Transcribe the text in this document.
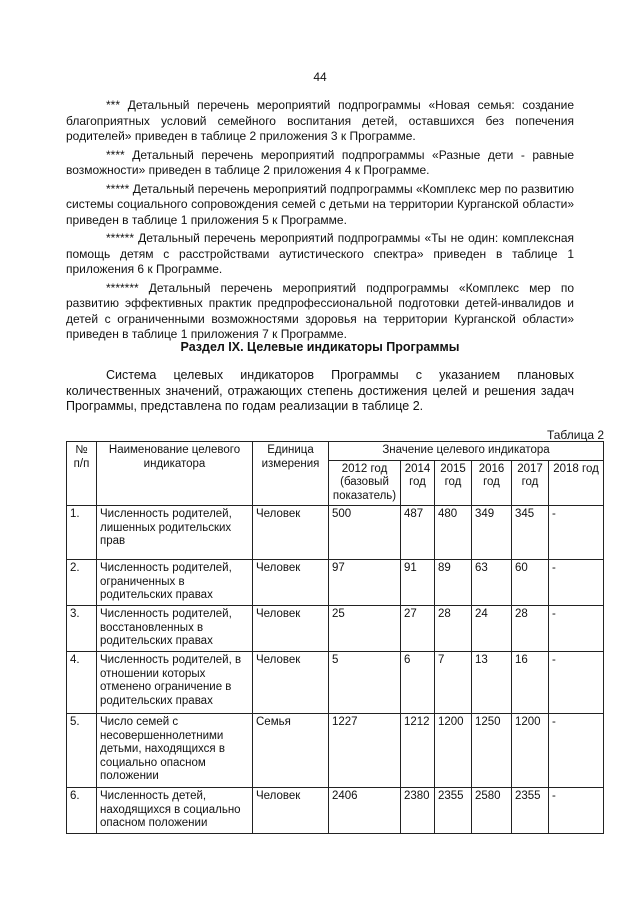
44

*** Детальный перечень мероприятий подпрограммы «Новая семья: создание благоприятных условий семейного воспитания детей, оставшихся без попечения родителей» приведен в таблице 2 приложения 3 к Программе.

**** Детальный перечень мероприятий подпрограммы «Разные дети - равные возможности» приведен в таблице 2 приложения 4 к Программе.

***** Детальный перечень мероприятий подпрограммы «Комплекс мер по развитию системы социального сопровождения семей с детьми на территории Курганской области» приведен в таблице 1 приложения 5 к Программе.

****** Детальный перечень мероприятий подпрограммы «Ты не один: комплексная помощь детям с расстройствами аутистического спектра» приведен в таблице 1 приложения 6 к Программе.

******* Детальный перечень мероприятий подпрограммы «Комплекс мер по развитию эффективных практик предпрофессиональной подготовки детей-инвалидов и детей с ограниченными возможностями здоровья на территории Курганской области» приведен в таблице 1 приложения 7 к Программе.

Раздел IX. Целевые индикаторы Программы

Система целевых индикаторов Программы с указанием плановых количественных значений, отражающих степень достижения целей и решения задач Программы, представлена по годам реализации в таблице 2.

Таблица 2
№ п/п	Наименование целевого индикатора	Единица измерения	Значение целевого индикатора					
			2012 год (базовый показатель)	2014 год	2015 год	2016 год	2017 год	2018 год
1.	Численность родителей, лишенных родительских прав	Человек	500	487	480	349	345	-
2.	Численность родителей, ограниченных в родительских правах	Человек	97	91	89	63	60	-
3.	Численность родителей, восстановленных в родительских правах	Человек	25	27	28	24	28	-
4.	Численность родителей, в отношении которых отменено ограничение в родительских правах	Человек	5	6	7	13	16	-
5.	Число семей с несовершеннолетними детьми, находящихся в социально опасном положении	Семья	1227	1212	1200	1250	1200	-
6.	Численность детей, находящихся в социально опасном положении	Человек	2406	2380	2355	2580	2355	-
